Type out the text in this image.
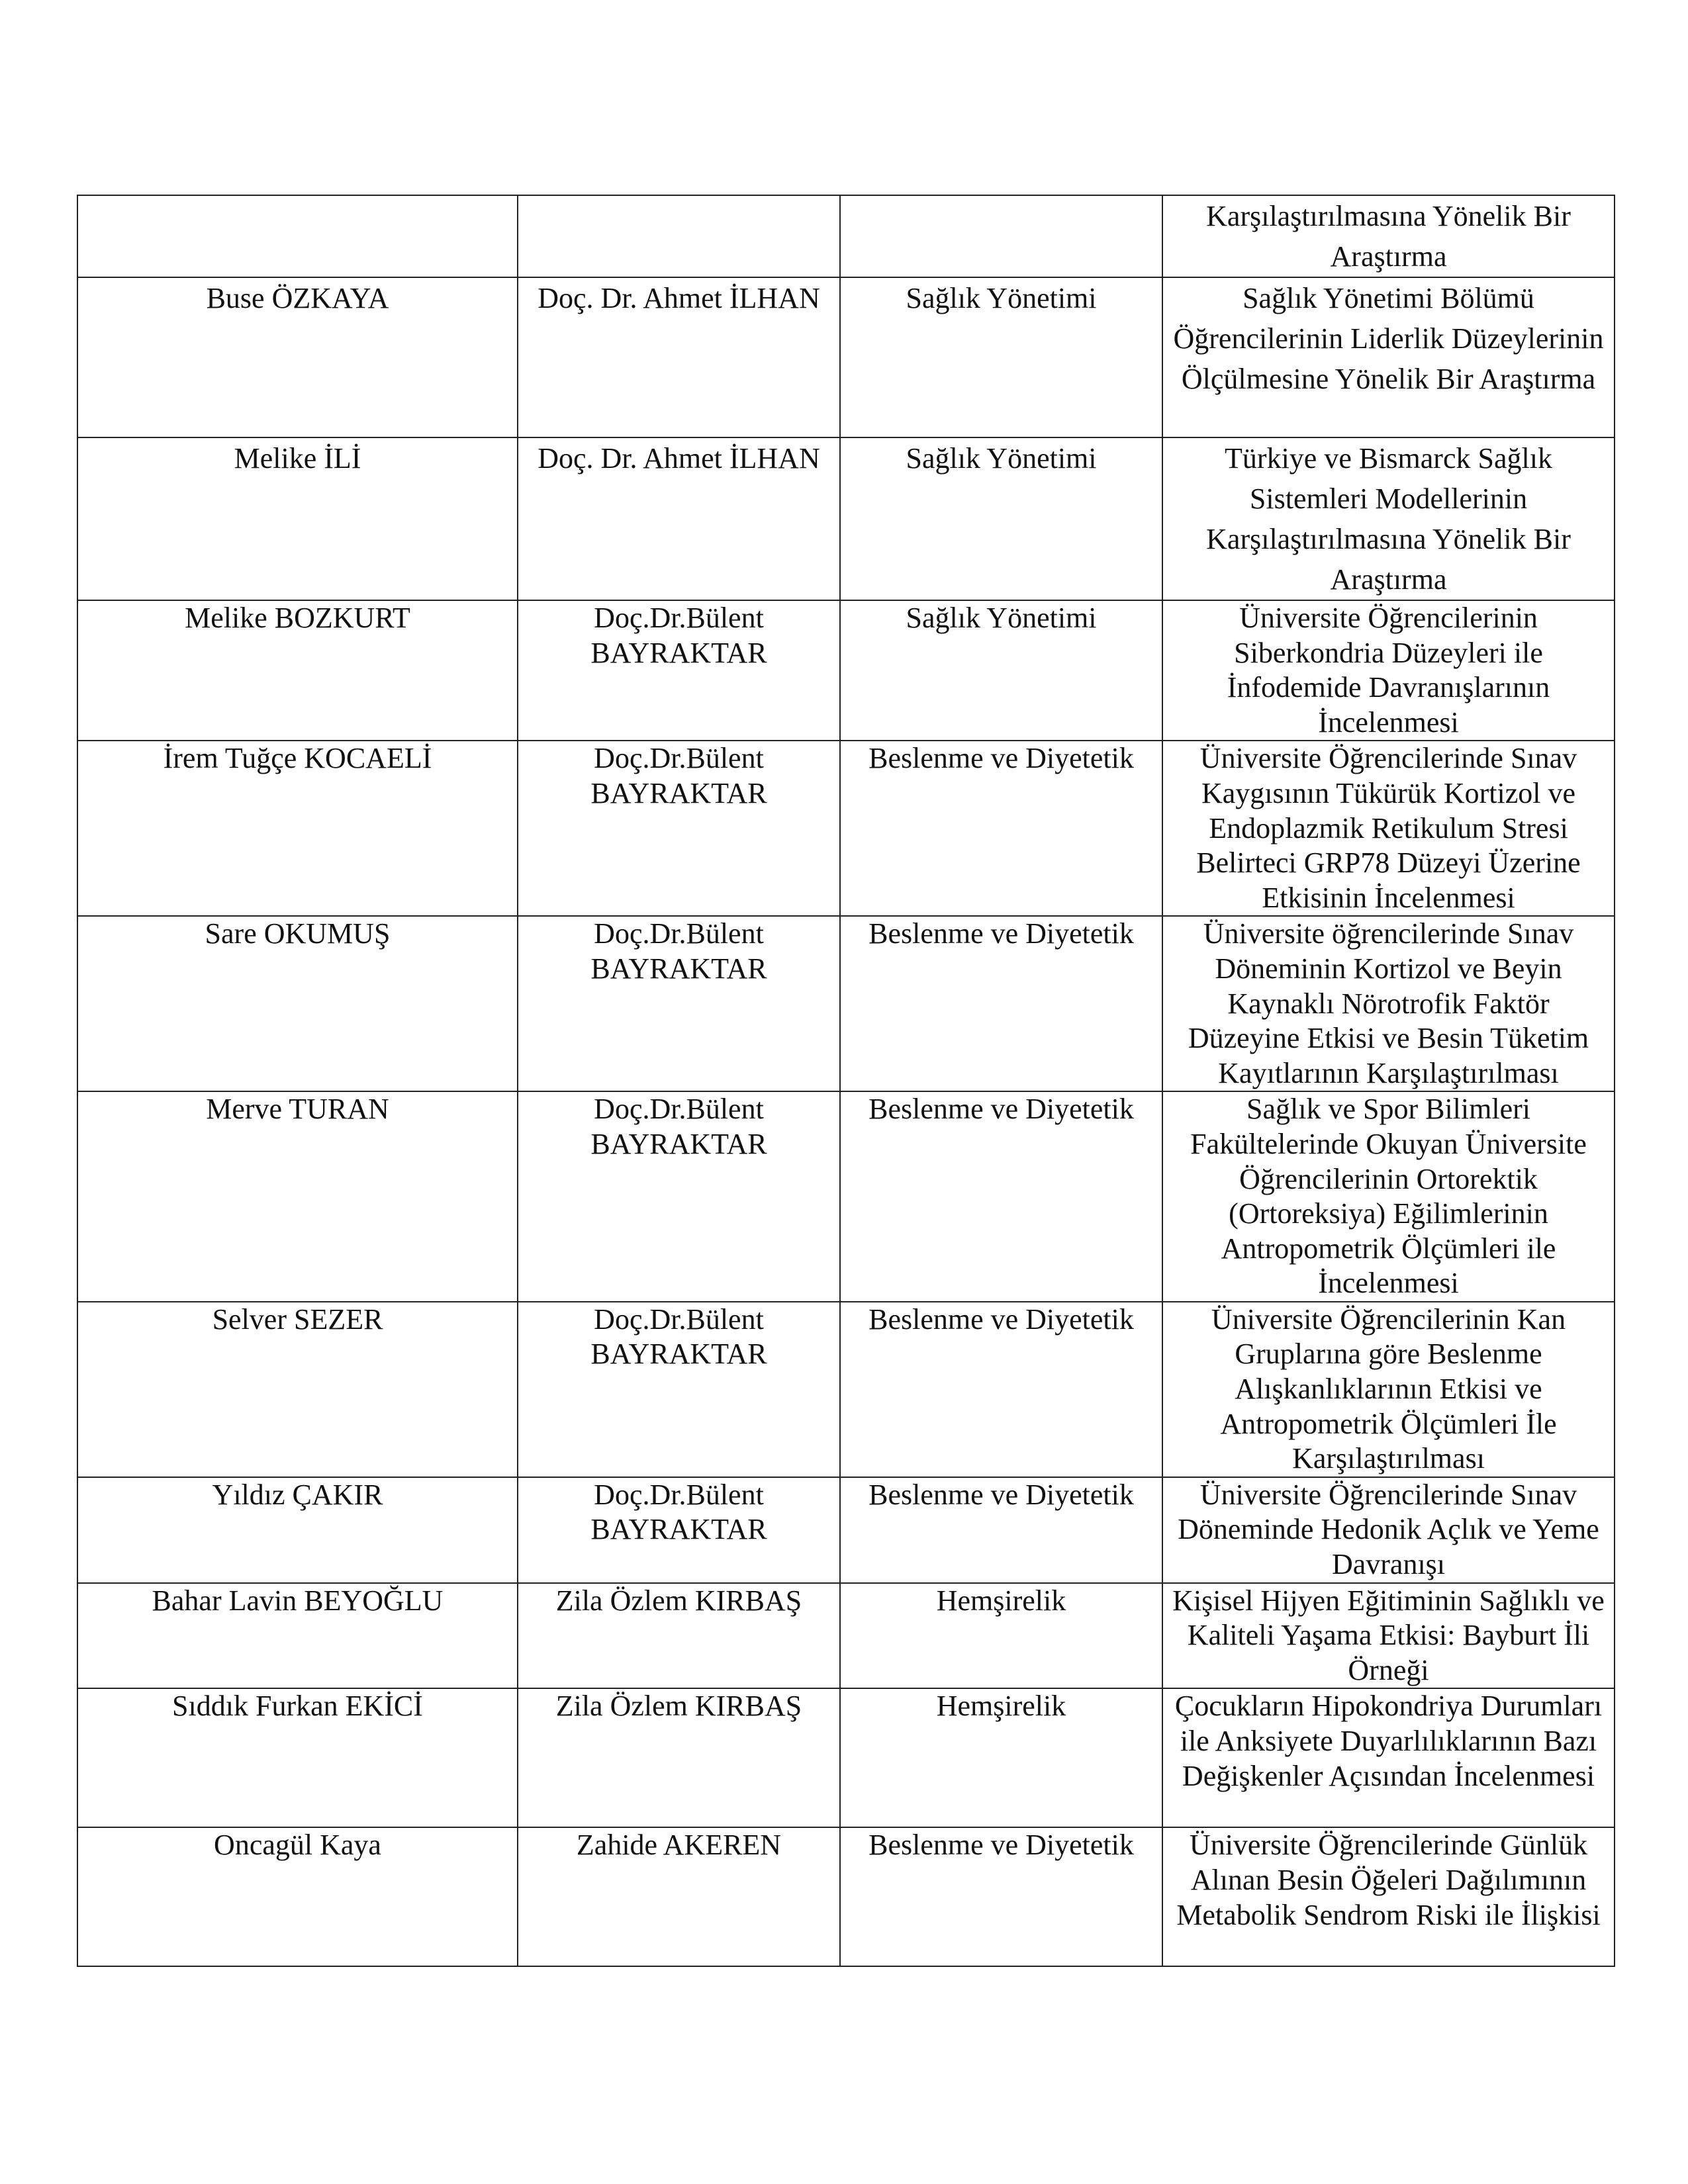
			Karşılaştırılmasına Yönelik Bir Araştırma
Buse ÖZKAYA	Doç. Dr. Ahmet İLHAN	Sağlık Yönetimi	Sağlık Yönetimi Bölümü Öğrencilerinin Liderlik Düzeylerinin Ölçülmesine Yönelik Bir Araştırma
Melike İLİ	Doç. Dr. Ahmet İLHAN	Sağlık Yönetimi	Türkiye ve Bismarck Sağlık Sistemleri Modellerinin Karşılaştırılmasına Yönelik Bir Araştırma
Melike BOZKURT	Doç.Dr.Bülent BAYRAKTAR	Sağlık Yönetimi	Üniversite Öğrencilerinin Siberkondria Düzeyleri ile İnfodemide Davranışlarının İncelenmesi
İrem Tuğçe KOCAELİ	Doç.Dr.Bülent BAYRAKTAR	Beslenme ve Diyetetik	Üniversite Öğrencilerinde Sınav Kaygısının Tükürük Kortizol ve Endoplazmik Retikulum Stresi Belirteci GRP78 Düzeyi Üzerine Etkisinin İncelenmesi
Sare OKUMUŞ	Doç.Dr.Bülent BAYRAKTAR	Beslenme ve Diyetetik	Üniversite öğrencilerinde Sınav Döneminin Kortizol ve Beyin Kaynaklı Nörotrofik Faktör Düzeyine Etkisi ve Besin Tüketim Kayıtlarının Karşılaştırılması
Merve TURAN	Doç.Dr.Bülent BAYRAKTAR	Beslenme ve Diyetetik	Sağlık ve Spor Bilimleri Fakültelerinde Okuyan Üniversite Öğrencilerinin Ortorektik (Ortoreksiya) Eğilimlerinin Antropometrik Ölçümleri ile İncelenmesi
Selver SEZER	Doç.Dr.Bülent BAYRAKTAR	Beslenme ve Diyetetik	Üniversite Öğrencilerinin Kan Gruplarına göre Beslenme Alışkanlıklarının Etkisi ve Antropometrik Ölçümleri İle Karşılaştırılması
Yıldız ÇAKIR	Doç.Dr.Bülent BAYRAKTAR	Beslenme ve Diyetetik	Üniversite Öğrencilerinde Sınav Döneminde Hedonik Açlık ve Yeme Davranışı
Bahar Lavin BEYOĞLU	Zila Özlem KIRBAŞ	Hemşirelik	Kişisel Hijyen Eğitiminin Sağlıklı ve Kaliteli Yaşama Etkisi: Bayburt İli Örneği
Sıddık Furkan EKİCİ	Zila Özlem KIRBAŞ	Hemşirelik	Çocukların Hipokondriya Durumları ile Anksiyete Duyarlılıklarının Bazı Değişkenler Açısından İncelenmesi
Oncagül Kaya	Zahide AKEREN	Beslenme ve Diyetetik	Üniversite Öğrencilerinde Günlük Alınan Besin Öğeleri Dağılımının Metabolik Sendrom Riski ile İlişkisi
